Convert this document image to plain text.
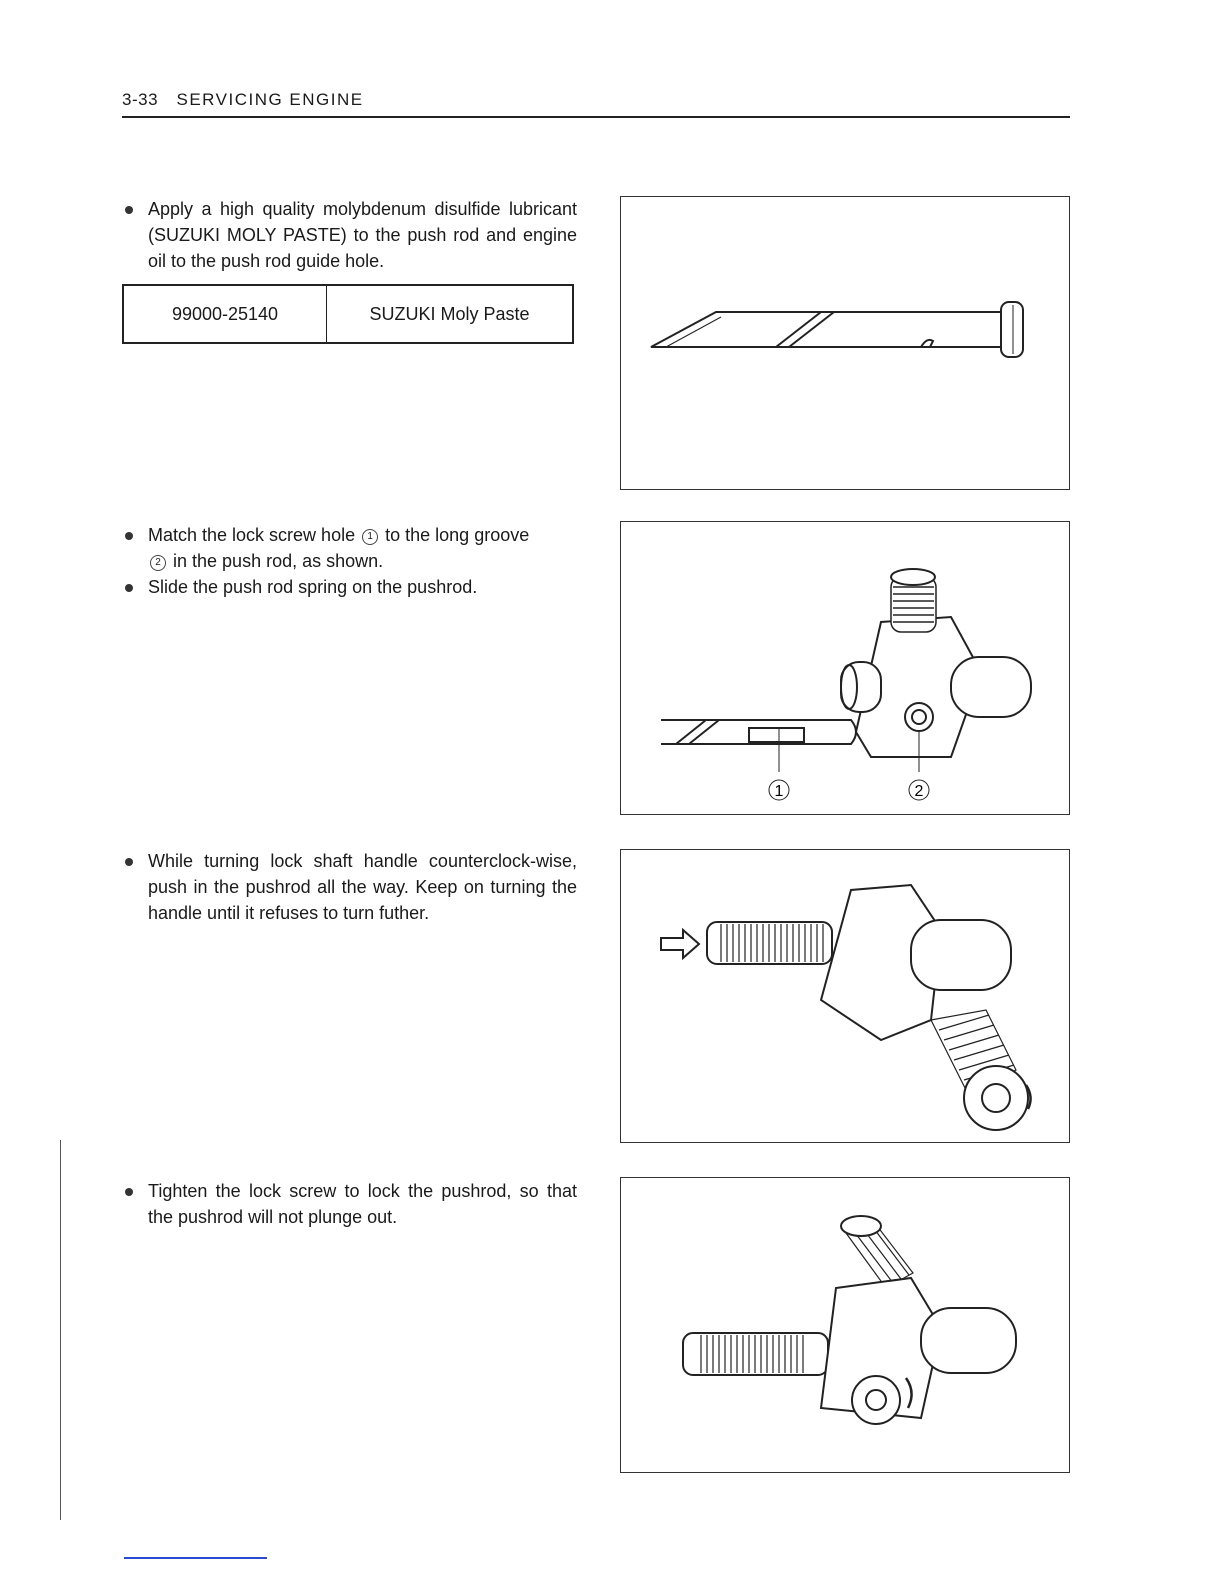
3-33 SERVICING ENGINE

Apply a high quality molybdenum disulfide lubricant (SUZUKI MOLY PASTE) to the push rod and engine oil to the push rod guide hole.

99000-25140	SUZUKI Moly Paste

Match the lock screw hole 1 to the long groove
2 in the push rod, as shown.

Slide the push rod spring on the pushrod.

1	2

While turning lock shaft handle counterclock-wise, push in the pushrod all the way. Keep on turning the handle until it refuses to turn futher.

Tighten the lock screw to lock the pushrod, so that the pushrod will not plunge out.
